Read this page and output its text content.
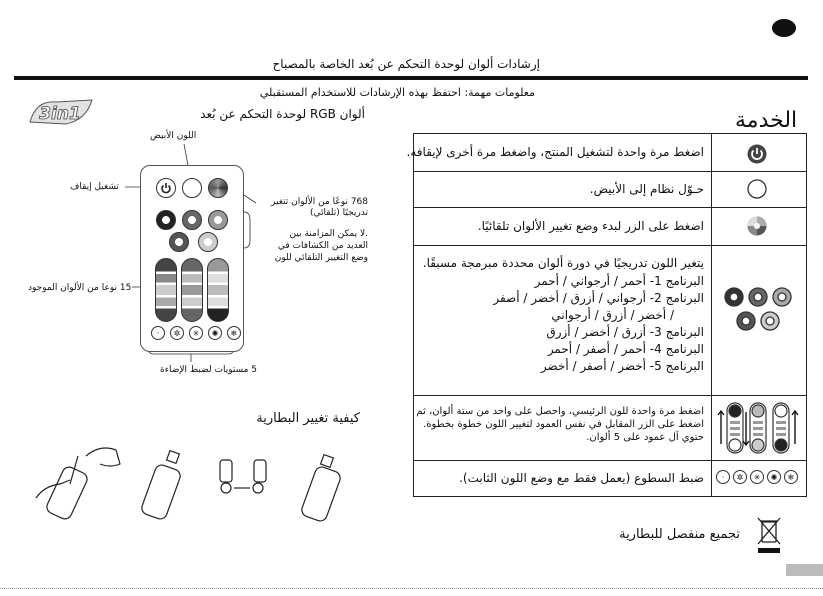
إرشادات ألوان لوحدة التحكم عن بُعد الخاصة بالمصباح
معلومات مهمة: احتفظ بهذه الإرشادات للاستخدام المستقبلي
3in1	ألوان RGB لوحدة التحكم عن بُعد	الخدمة
اللون الأبيض
تشغيل إيقاف
768 نوعًا من الألوان تتغير
تدريجيًا (تلقائي)
.لا يمكن المزامنة بين
العديد من الكشافات في
وضع التغيير التلقائي للون
15 نوعا من الألوان الموجود
5 مستويات لضبط الإضاءة
·	✲	✳	✺	❄
اضغط مرة واحدة لتشغيل المنتج، واضغط مرة أخرى لإيقافه.
حـوّل نظام إلى الأبيض.
اضغط على الزر لبدء وضع تغيير الألوان تلقائيًا.
يتغير اللون تدريجيًا في دورة ألوان محددة مبرمجة مسبقًا.
البرنامج 1- أحمر / أرجواني / أحمر
البرنامج 2- أرجواني / أزرق / أخضر / أصفر
/ أخضر / أزرق / أرجواني
البرنامج 3- أزرق / أخضر / أزرق
البرنامج 4- أحمر / أصفر / أحمر
البرنامج 5- أخضر / أصفر / أخضر
اضغط مرة واحدة للون الرئيسي، واحصل على واحد من ستة ألوان، ثم
اضغط على الزر المقابل في نفس العمود لتغيير اللون خطوة بخطوة.
حتوي آل عمود على 5 ألوان.
ضبط السطوع (يعمل فقط مع وضع اللون الثابت).	·	✲	✳	✺	❄
كيفية تغيير البطارية
تجميع منفصل للبطارية
